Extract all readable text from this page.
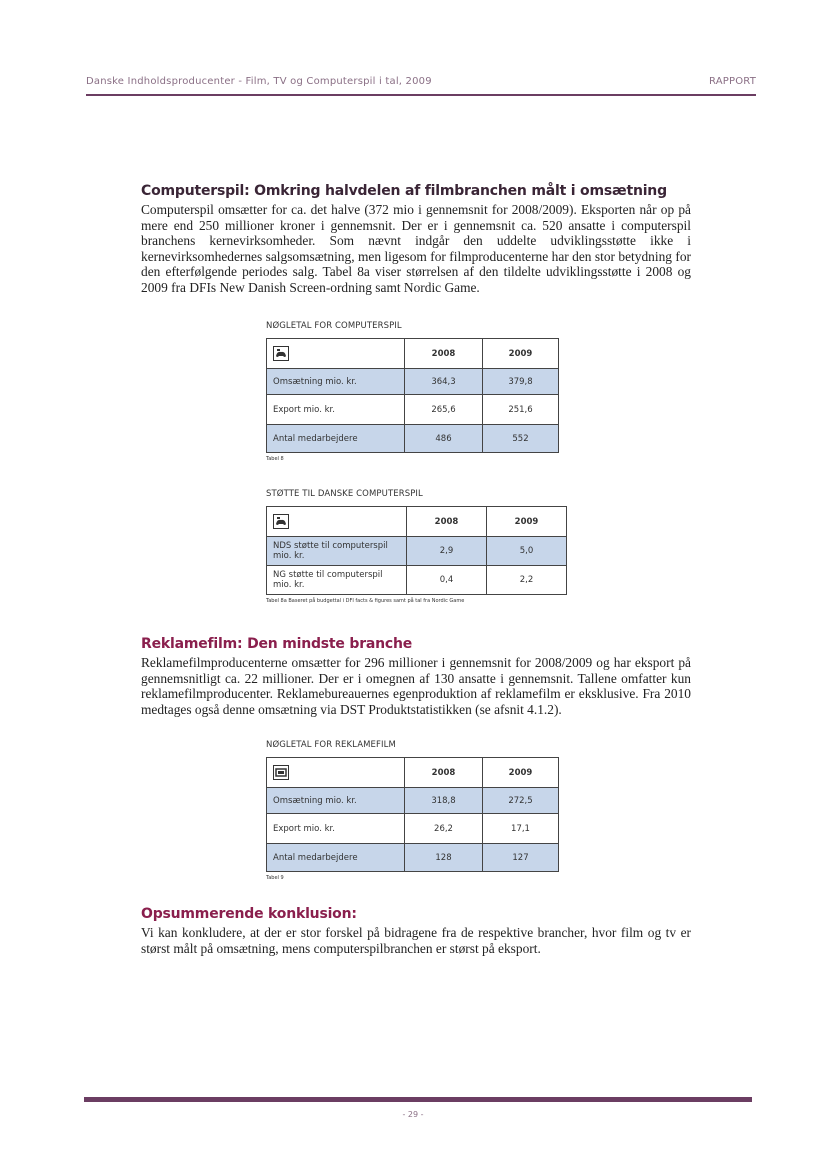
Danske Indholdsproducenter - Film, TV og Computerspil i tal, 2009	RAPPORT
Computerspil: Omkring halvdelen af filmbranchen målt i omsætning

Computerspil omsætter for ca. det halve (372 mio i gennemsnit for 2008/2009). Eksporten når op på mere end 250 millioner kroner i gennemsnit. Der er i gennemsnit ca. 520 ansatte i computerspil branchens kernevirksomheder. Som nævnt indgår den uddelte udviklingsstøtte ikke i kernevirksomhedernes salgsomsætning, men ligesom for filmproducenterne har den stor betydning for den efterfølgende periodes salg. Tabel 8a viser størrelsen af den tildelte udviklingsstøtte i 2008 og 2009 fra DFIs New Danish Screen-ordning samt Nordic Game.

NØGLETAL FOR COMPUTERSPIL
	2008	2009
Omsætning mio. kr.	364,3	379,8
Export mio. kr.	265,6	251,6
Antal medarbejdere	486	552
Tabel 8
STØTTE TIL DANSKE COMPUTERSPIL
	2008	2009
NDS støtte til computerspil mio. kr.	2,9	5,0
NG støtte til computerspil mio. kr.	0,4	2,2
Tabel 8a Baseret på budgettal i DFI facts & figures samt på tal fra Nordic Game
Reklamefilm: Den mindste branche

Reklamefilmproducenterne omsætter for 296 millioner i gennemsnit for 2008/2009 og har eksport på gennemsnitligt ca. 22 millioner. Der er i omegnen af 130 ansatte i gennemsnit. Tallene omfatter kun reklamefilmproducenter. Reklamebureauernes egenproduktion af reklamefilm er eksklusive. Fra 2010 medtages også denne omsætning via DST Produktstatistikken (se afsnit 4.1.2).

NØGLETAL FOR REKLAMEFILM
	2008	2009
Omsætning mio. kr.	318,8	272,5
Export mio. kr.	26,2	17,1
Antal medarbejdere	128	127
Tabel 9
Opsummerende konklusion:

Vi kan konkludere, at der er stor forskel på bidragene fra de respektive brancher, hvor film og tv er størst målt på omsætning, mens computerspilbranchen er størst på eksport.

- 29 -
